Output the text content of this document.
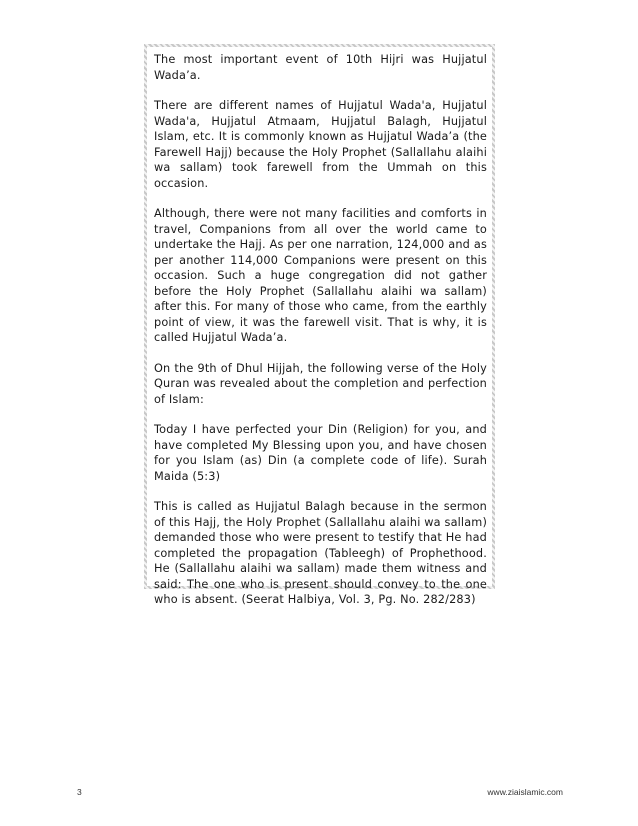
The most important event of 10th Hijri was Hujjatul Wada’a.

There are different names of Hujjatul Wada'a, Hujjatul Wada'a, Hujjatul Atmaam, Hujjatul Balagh, Hujjatul Islam, etc. It is commonly known as Hujjatul Wada’a (the Farewell Hajj) because the Holy Prophet (Sallallahu alaihi wa sallam) took farewell from the Ummah on this occasion.

Although, there were not many facilities and comforts in travel, Companions from all over the world came to undertake the Hajj. As per one narration, 124,000 and as per another 114,000 Companions were present on this occasion. Such a huge congregation did not gather before the Holy Prophet (Sallallahu alaihi wa sallam) after this. For many of those who came, from the earthly point of view, it was the farewell visit. That is why, it is called Hujjatul Wada’a.

On the 9th of Dhul Hijjah, the following verse of the Holy Quran was revealed about the completion and perfection of Islam:

Today I have perfected your Din (Religion) for you, and have completed My Blessing upon you, and have chosen for you Islam (as) Din (a complete code of life). Surah Maida (5:3)

This is called as Hujjatul Balagh because in the sermon of this Hajj, the Holy Prophet (Sallallahu alaihi wa sallam) demanded those who were present to testify that He had completed the propagation (Tableegh) of Prophethood. He (Sallallahu alaihi wa sallam) made them witness and said: The one who is present should convey to the one who is absent. (Seerat Halbiya, Vol. 3, Pg. No. 282/283)

3	www.ziaislamic.com
